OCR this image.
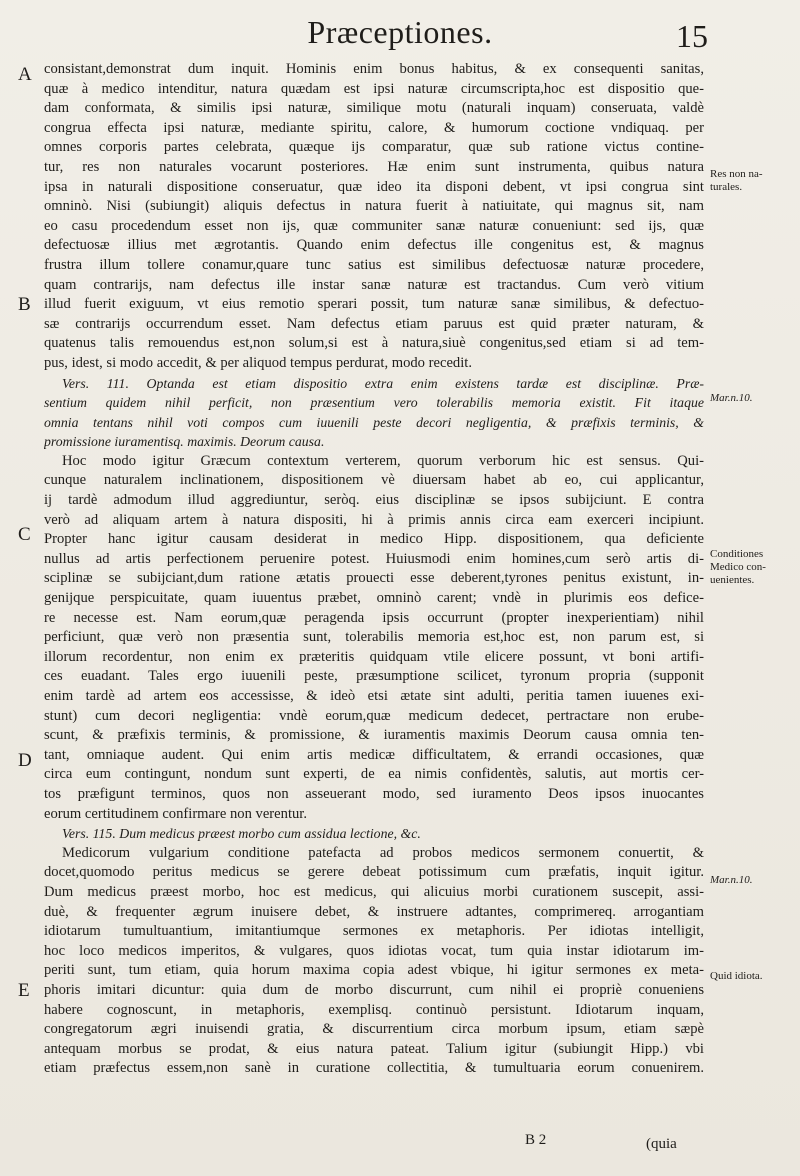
Præceptiones.	15
A
B
C
D
E
consistant,demonstrat dum inquit. Hominis enim bonus habitus, & ex consequenti sanitas,
quæ à medico intenditur, natura quædam est ipsi naturæ circumscriptа,hoc est dispositio que-
dam conformata, & similis ipsi naturæ, similique motu (naturali inquam) conseruata, valdè
congrua effecta ipsi naturæ, mediante spiritu, calore, & humorum coctione vndiquaq. per
omnes corporis partes celebrata, quæque ijs comparatur, quæ sub ratione victus contine-
tur, res non naturales vocarunt posteriores. Hæ enim sunt instrumenta, quibus natura
ipsa in naturali dispositione conseruatur, quæ ideo ita disponi debent, vt ipsi congrua sint
omninò. Nisi (subiungit) aliquis defectus in natura fuerit à natiuitate, qui magnus sit, nam
eo casu procedendum esset non ijs, quæ communiter sanæ naturæ conueniunt: sed ijs, quæ
defectuosæ illius met ægrotantis. Quando enim defectus ille congenitus est, & magnus
frustra illum tollere conamur,quare tunc satius est similibus defectuosæ naturæ procedere,
quam contrarijs, nam defectus ille instar sanæ naturæ est tractandus. Cum verò vitium
illud fuerit exiguum, vt eius remotio sperari possit, tum naturæ sanæ similibus, & defectuo-
sæ contrarijs occurrendum esset. Nam defectus etiam paruus est quid præter naturam, &
quatenus talis remouendus est,non solum,si est à natura,siuè congenitus,sed etiam si ad tem-
pus, idest, si modo accedit, & per aliquod tempus perdurat, modo recedit.
Vers. 111. Optanda est etiam dispositio extra enim existens tardæ est disciplinæ. Præ-
sentium quidem nihil perficit, non præsentium vero tolerabilis memoria existit. Fit itaque
omnia tentans nihil voti compos cum iuuenili peste decori negligentia, & præfixis terminis, &
promissione iuramentisq. maximis. Deorum causa.
Hoc modo igitur Græcum contextum verterem, quorum verborum hic est sensus. Qui-
cunque naturalem inclinationem, dispositionem vè diuersam habet ab eo, cui applicantur,
ij tardè admodum illud aggrediuntur, seròq. eius disciplinæ se ipsos subijciunt. E contra
verò ad aliquam artem à natura dispositi, hi à primis annis circa eam exerceri incipiunt.
Propter hanc igitur causam desiderat in medico Hipp. dispositionem, qua deficiente
nullus ad artis perfectionem peruenire potest. Huiusmodi enim homines,cum serò artis di-
sciplinæ se subijciant,dum ratione ætatis prouecti esse deberent,tyrones penitus existunt, in-
genijque perspicuitate, quam iuuentus præbet, omninò carent; vndè in plurimis eos defice-
re necesse est. Nam eorum,quæ peragenda ipsis occurrunt (propter inexperientiam) nihil
perficiunt, quæ verò non præsentia sunt, tolerabilis memoria est,hoc est, non parum est, si
illorum recordentur, non enim ex præteritis quidquam vtile elicere possunt, vt boni artifi-
ces euadant. Tales ergo iuuenili peste, præsumptione scilicet, tyronum propria (supponit
enim tardè ad artem eos accessisse, & ideò etsi ætate sint adulti, peritia tamen iuuenes exi-
stunt) cum decori negligentia: vndè eorum,quæ medicum dedecet, pertractare non erube-
scunt, & præfixis terminis, & promissione, & iuramentis maximis Deorum causa omnia ten-
tant, omniaque audent. Qui enim artis medicæ difficultatem, & errandi occasiones, quæ
circa eum contingunt, nondum sunt experti, de ea nimis confidentès, salutis, aut mortis cer-
tos præfigunt terminos, quos non asseuerant modo, sed iuramento Deos ipsos inuocantes
eorum certitudinem confirmare non verentur.
Vers. 115. Dum medicus præest morbo cum assidua lectione, &c.
Medicorum vulgarium conditione patefacta ad probos medicos sermonem conuertit, &
docet,quomodo peritus medicus se gerere debeat potissimum cum præfatis, inquit igitur.
Dum medicus præest morbo, hoc est medicus, qui alicuius morbi curationem suscepit, assi-
duè, & frequenter ægrum inuisere debet, & instruere adtantes, comprimereq. arrogantiam
idiotarum tumultuantium, imitantiumque sermones ex metaphoris. Per idiotas intelligit,
hoc loco medicos imperitos, & vulgares, quos idiotas vocat, tum quia instar idiotarum im-
periti sunt, tum etiam, quia horum maxima copia adest vbique, hi igitur sermones ex meta-
phoris imitari dicuntur: quia dum de morbo discurrunt, cum nihil ei propriè conueniens
habere cognoscunt, in metaphoris, exemplisq. continuò persistunt. Idiotarum inquam,
congregatorum ægri inuisendi gratia, & discurrentium circa morbum ipsum, etiam sæpè
antequam morbus se prodat, & eius natura pateat. Talium igitur (subiungit Hipp.) vbi
etiam præfectus essem,non sanè in curatione collectitia, & tumultuaria eorum conuenirem.
Res non na-
turales.
Mar.n.10.
Conditiones
Medico con-
uenientes.
Mar.n.10.
Quid idiota.
B 2	(quia
